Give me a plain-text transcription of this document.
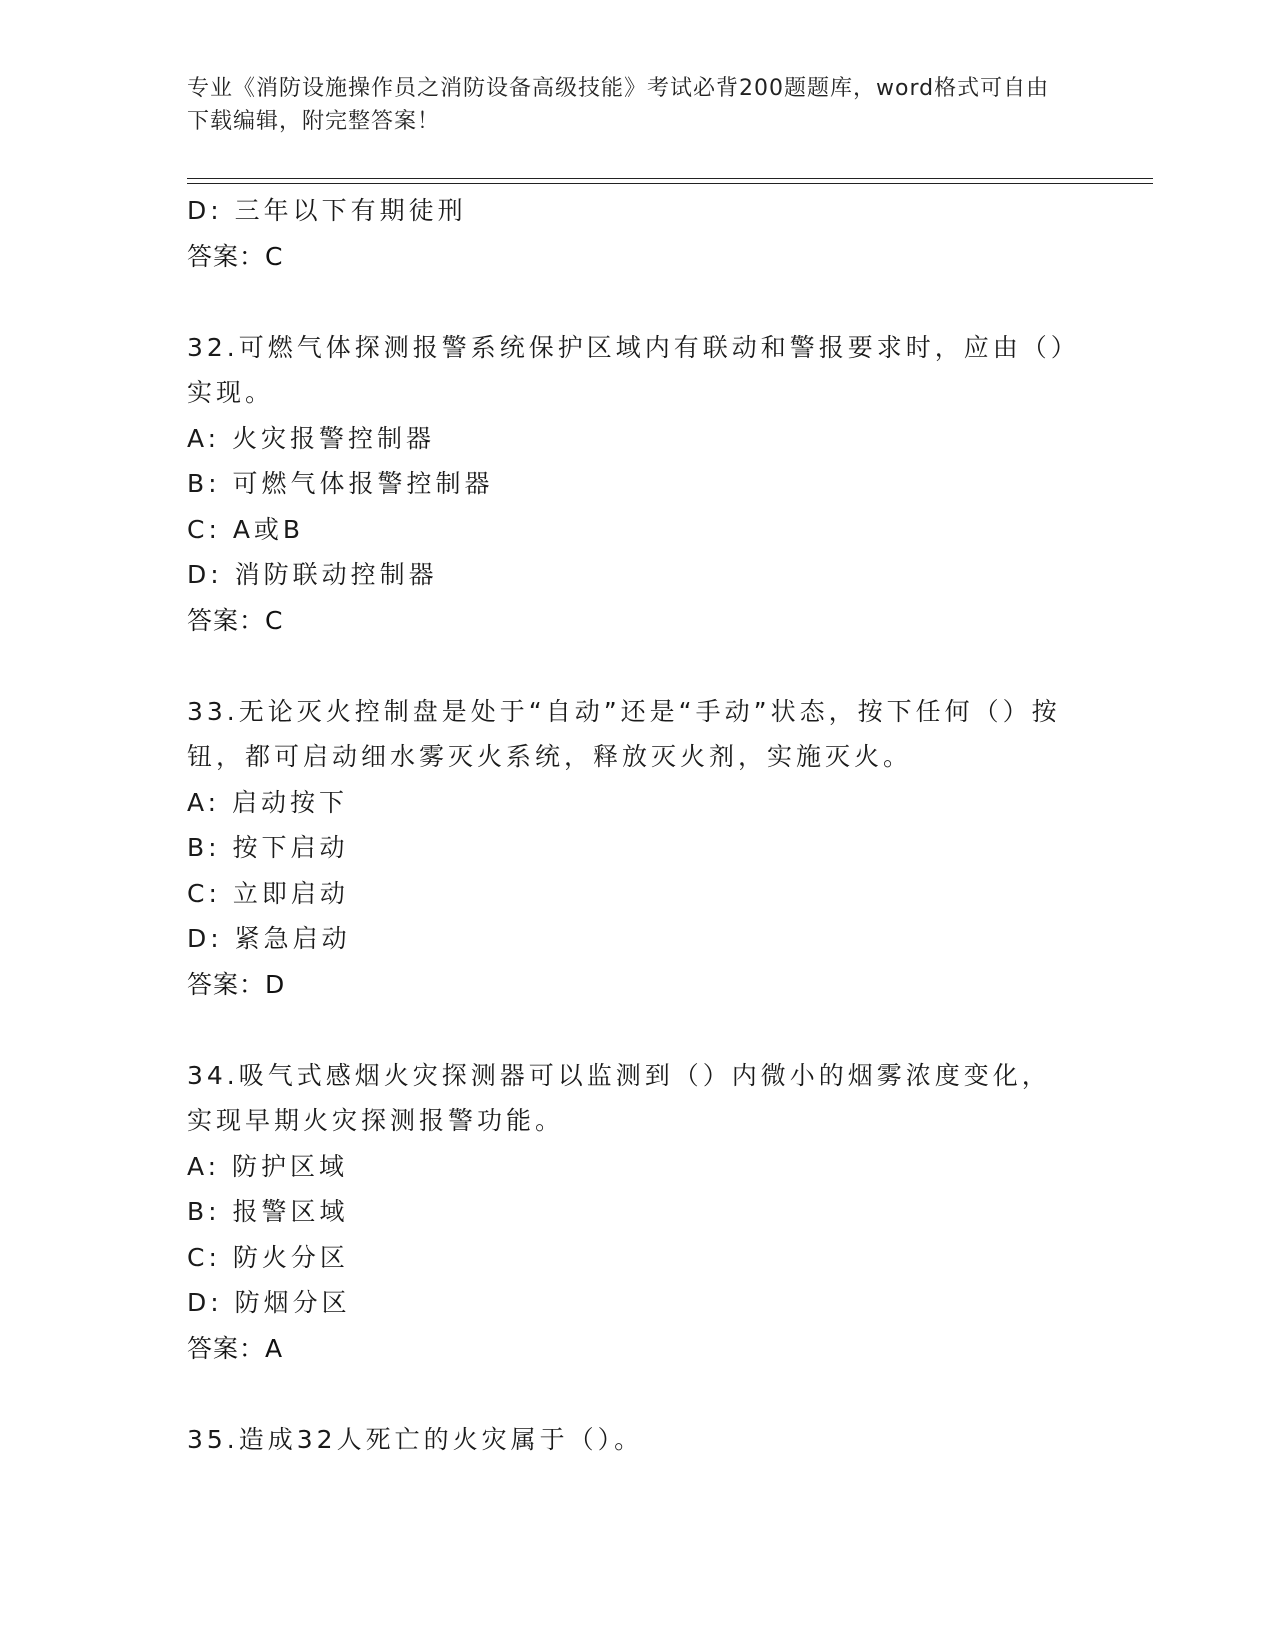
专业《消防设施操作员之消防设备高级技能》考试必背200题题库，word格式可自由下载编辑，附完整答案！
D: 三年以下有期徒刑
答案：C
32.可燃气体探测报警系统保护区域内有联动和警报要求时，应由（）实现。
A: 火灾报警控制器
B: 可燃气体报警控制器
C: A或B
D: 消防联动控制器
答案：C
33.无论灭火控制盘是处于“自动”还是“手动”状态，按下任何（）按钮，都可启动细水雾灭火系统，释放灭火剂，实施灭火。
A: 启动按下
B: 按下启动
C: 立即启动
D: 紧急启动
答案：D
34.吸气式感烟火灾探测器可以监测到（）内微小的烟雾浓度变化，实现早期火灾探测报警功能。
A: 防护区域
B: 报警区域
C: 防火分区
D: 防烟分区
答案：A
35.造成32人死亡的火灾属于（）。
